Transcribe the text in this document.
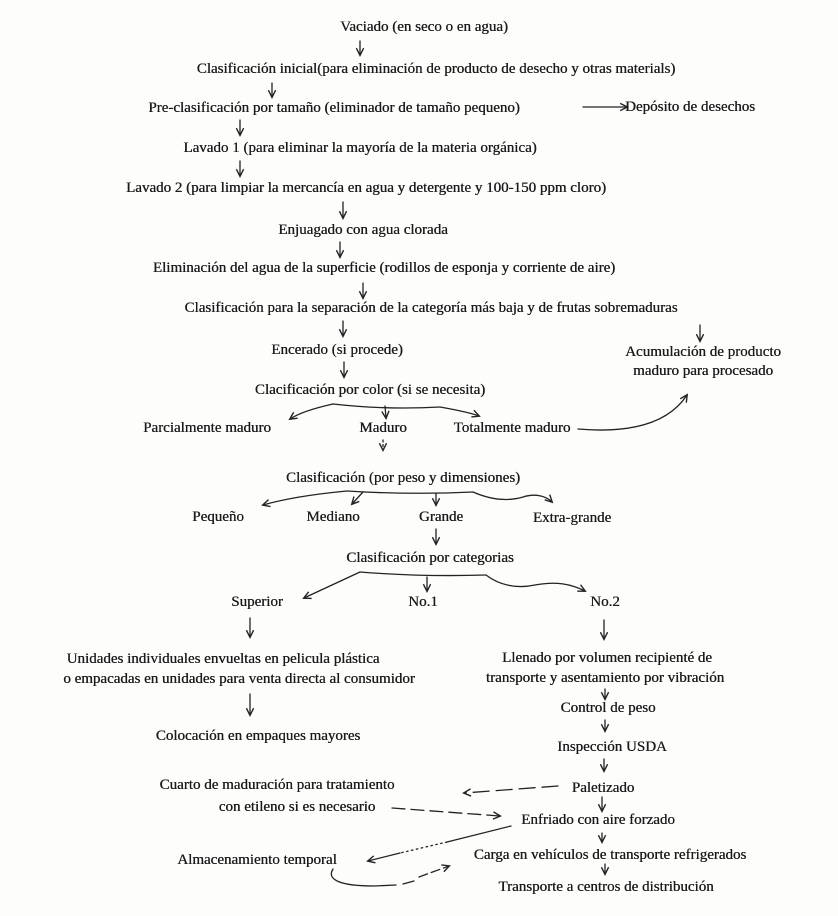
Vaciado (en seco o en agua)
Clasificación inicial(para eliminación de producto de desecho y otras materials)
Pre-clasificación por tamaño (eliminador de tamaño pequeno)	Depósito de desechos
Lavado 1 (para eliminar la mayoría de la materia orgánica)
Lavado 2 (para limpiar la mercancía en agua y detergente y 100-150 ppm cloro)
Enjuagado con agua clorada
Eliminación del agua de la superficie (rodillos de esponja y corriente de aire)
Clasificación para la separación de la categoría más baja y de frutas sobremaduras
Encerado (si procede)	Acumulación de producto
maduro para procesado
Clacificación por color (si se necesita)
Parcialmente maduro	Maduro	Totalmente maduro
Clasificación (por peso y dimensiones)
Pequeño	Mediano	Grande	Extra-grande
Clasificación por categorias
Superior	No.1	No.2
Unidades individuales envueltas en pelicula plástica
o empacadas en unidades para venta directa al consumidor
Llenado por volumen recipienté de
transporte y asentamiento por vibración
Colocación en empaques mayores
Control de peso
Inspección USDA
Paletizado
Cuarto de maduración para tratamiento
con etileno si es necesario
Enfriado con aire forzado
Carga en vehículos de transporte refrigerados
Almacenamiento temporal
Transporte a centros de distribución
